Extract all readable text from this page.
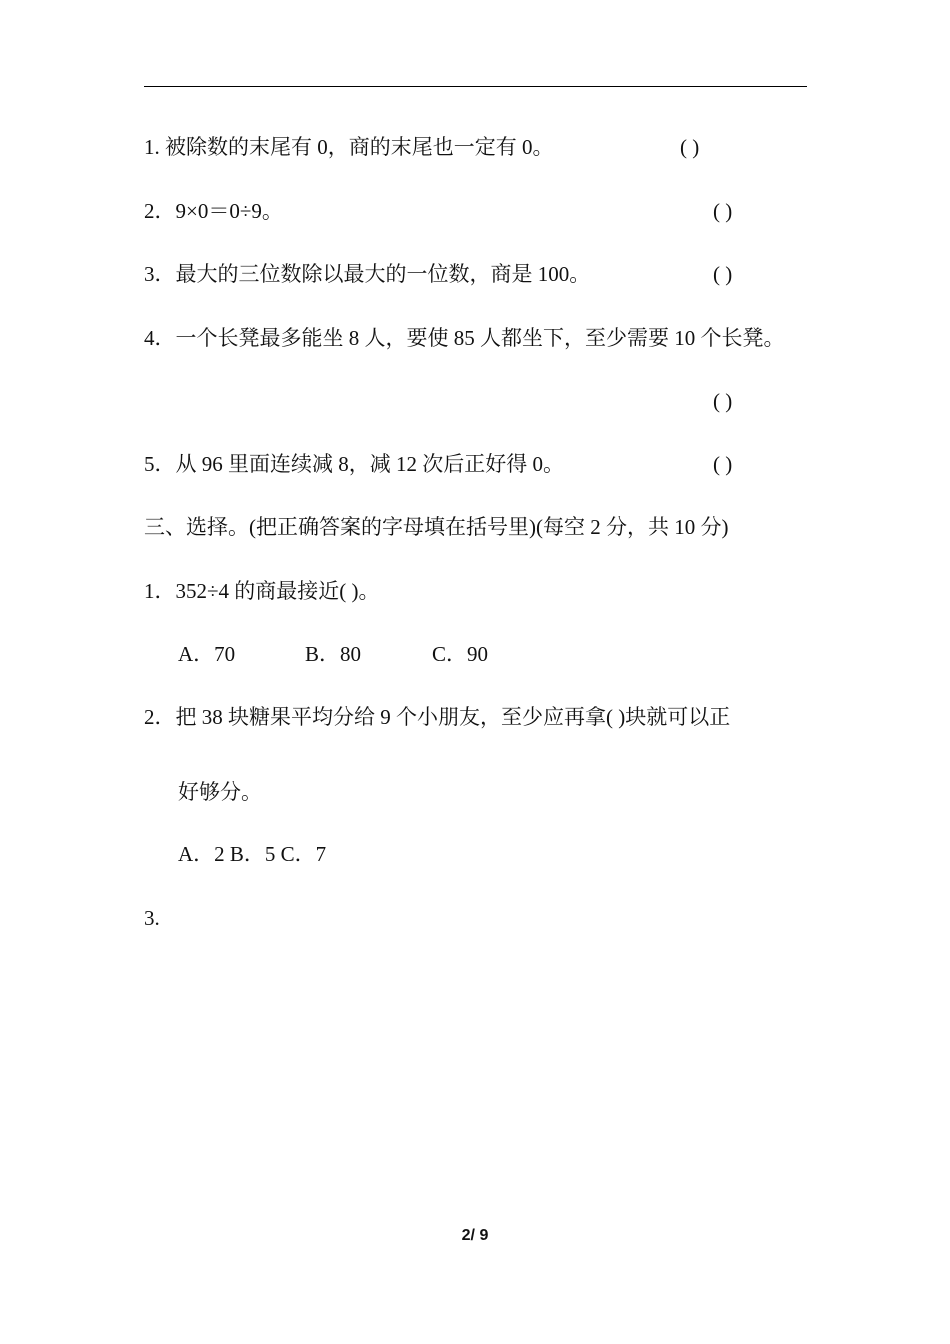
1. 被除数的末尾有 0，商的末尾也一定有 0。	( )
2．9×0＝0÷9。	( )
3．最大的三位数除以最大的一位数，商是 100。	( )
4．一个长凳最多能坐 8 人，要使 85 人都坐下，至少需要 10 个长凳。
( )
5．从 96 里面连续减 8，减 12 次后正好得 0。	( )
三、选择。(把正确答案的字母填在括号里)(每空 2 分，共 10 分)
1．352÷4 的商最接近( )。
A．70	B．80	C．90
2．把 38 块糖果平均分给 9 个小朋友，至少应再拿( )块就可以正
好够分。
A．2 B．5 C．7
3.
2/ 9
